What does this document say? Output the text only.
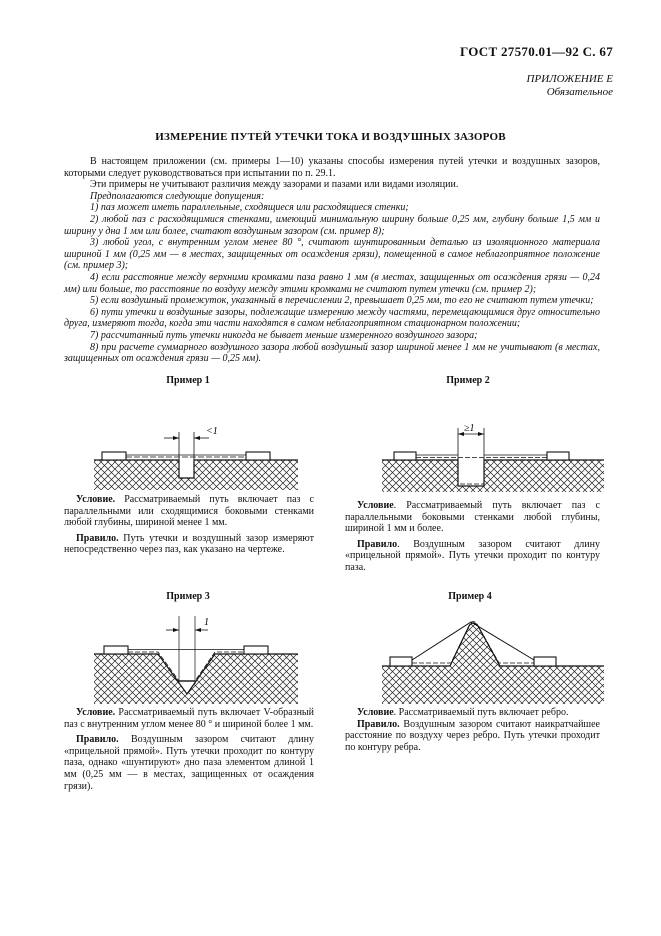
ГОСТ 27570.01—92 С. 67
ПРИЛОЖЕНИЕ Е
Обязательное
ИЗМЕРЕНИЕ ПУТЕЙ УТЕЧКИ ТОКА И ВОЗДУШНЫХ ЗАЗОРОВ

В настоящем приложении (см. примеры 1—10) указаны способы измерения путей утечки и воздушных зазоров, которыми следует руководствоваться при испытании по п. 29.1.

Эти примеры не учитывают различия между зазорами и пазами или видами изоляции.

Предполагаются следующие допущения:

1) паз может иметь параллельные, сходящиеся или расходящиеся стенки;

2) любой паз с расходящимися стенками, имеющий минимальную ширину больше 0,25 мм, глубину больше 1,5 мм и ширину у дна 1 мм или более, считают воздушным зазором (см. пример 8);

3) любой угол, с внутренним углом менее 80 °, считают шунтированным деталью из изоляционного материала шириной 1 мм (0,25 мм — в местах, защищенных от осаждения грязи), помещенной в самое неблагоприятное положение (см. пример 3);

4) если расстояние между верхними кромками паза равно 1 мм (в местах, защищенных от осаждения грязи — 0,24 мм) или больше, то расстояние по воздуху между этими кромками не считают путем утечки (см. пример 2);

5) если воздушный промежуток, указанный в перечислении 2, превышает 0,25 мм, то его не считают путем утечки;

6) пути утечки и воздушные зазоры, подлежащие измерению между частями, перемещающимися друг относительно друга, измеряют тогда, когда эти части находятся в самом неблагоприятном стационарном положении;

7) рассчитанный путь утечки никогда не бывает меньше измеренного воздушного зазора;

8) при расчете суммарного воздушного зазора любой воздушный зазор шириной менее 1 мм не учитывают (в местах, защищенных от осаждения грязи — 0,25 мм).

Пример 1
<1

Условие. Рассматриваемый путь включает паз с параллельными или сходящимися боковыми стенками любой глубины, шириной менее 1 мм.

Правило. Путь утечки и воздушный зазор измеряют непосредственно через паз, как указано на чертеже.

Пример 2
≥1

Условие. Рассматриваемый путь включает паз с параллельными боковыми стенками любой глубины, шириной 1 мм и более.

Правило. Воздушным зазором считают длину «прицельной прямой». Путь утечки проходит по контуру паза.

Пример 3
1

Условие. Рассматриваемый путь включает V-образный паз с внутренним углом менее 80 ° и шириной более 1 мм.

Правило. Воздушным зазором считают длину «прицельной прямой». Путь утечки проходит по контуру паза, однако «шунтируют» дно паза элементом длиной 1 мм (0,25 мм — в местах, защищенных от осаждения грязи).

Пример 4

Условие. Рассматриваемый путь включает ребро.

Правило. Воздушным зазором считают наикратчайшее расстояние по воздуху через ребро. Путь утечки проходит по контуру ребра.
